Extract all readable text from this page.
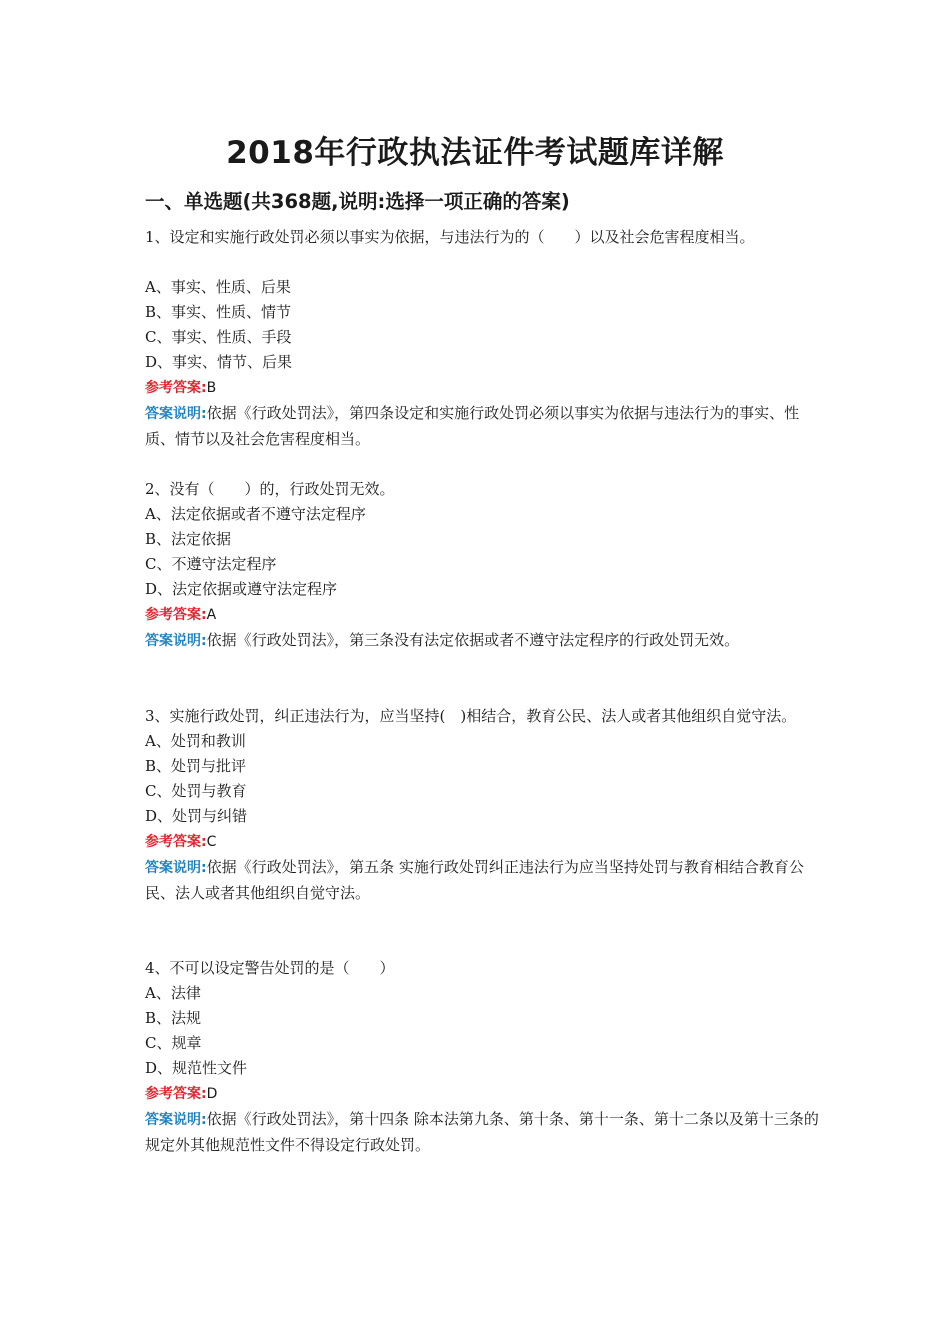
2018年行政执法证件考试题库详解
一、单选题(共368题,说明:选择一项正确的答案)

1、设定和实施行政处罚必须以事实为依据，与违法行为的（　　）以及社会危害程度相当。

A、事实、性质、后果
B、事实、性质、情节
C、事实、性质、手段
D、事实、情节、后果
参考答案:B
答案说明:依据《行政处罚法》，第四条设定和实施行政处罚必须以事实为依据与违法行为的事实、性质、情节以及社会危害程度相当。

2、没有（　　）的，行政处罚无效。

A、法定依据或者不遵守法定程序
B、法定依据
C、不遵守法定程序
D、法定依据或遵守法定程序
参考答案:A
答案说明:依据《行政处罚法》，第三条没有法定依据或者不遵守法定程序的行政处罚无效。

3、实施行政处罚，纠正违法行为，应当坚持(　)相结合，教育公民、法人或者其他组织自觉守法。

A、处罚和教训
B、处罚与批评
C、处罚与教育
D、处罚与纠错
参考答案:C
答案说明:依据《行政处罚法》，第五条 实施行政处罚纠正违法行为应当坚持处罚与教育相结合教育公民、法人或者其他组织自觉守法。

4、不可以设定警告处罚的是（　　）

A、法律
B、法规
C、规章
D、规范性文件
参考答案:D
答案说明:依据《行政处罚法》，第十四条 除本法第九条、第十条、第十一条、第十二条以及第十三条的规定外其他规范性文件不得设定行政处罚。
